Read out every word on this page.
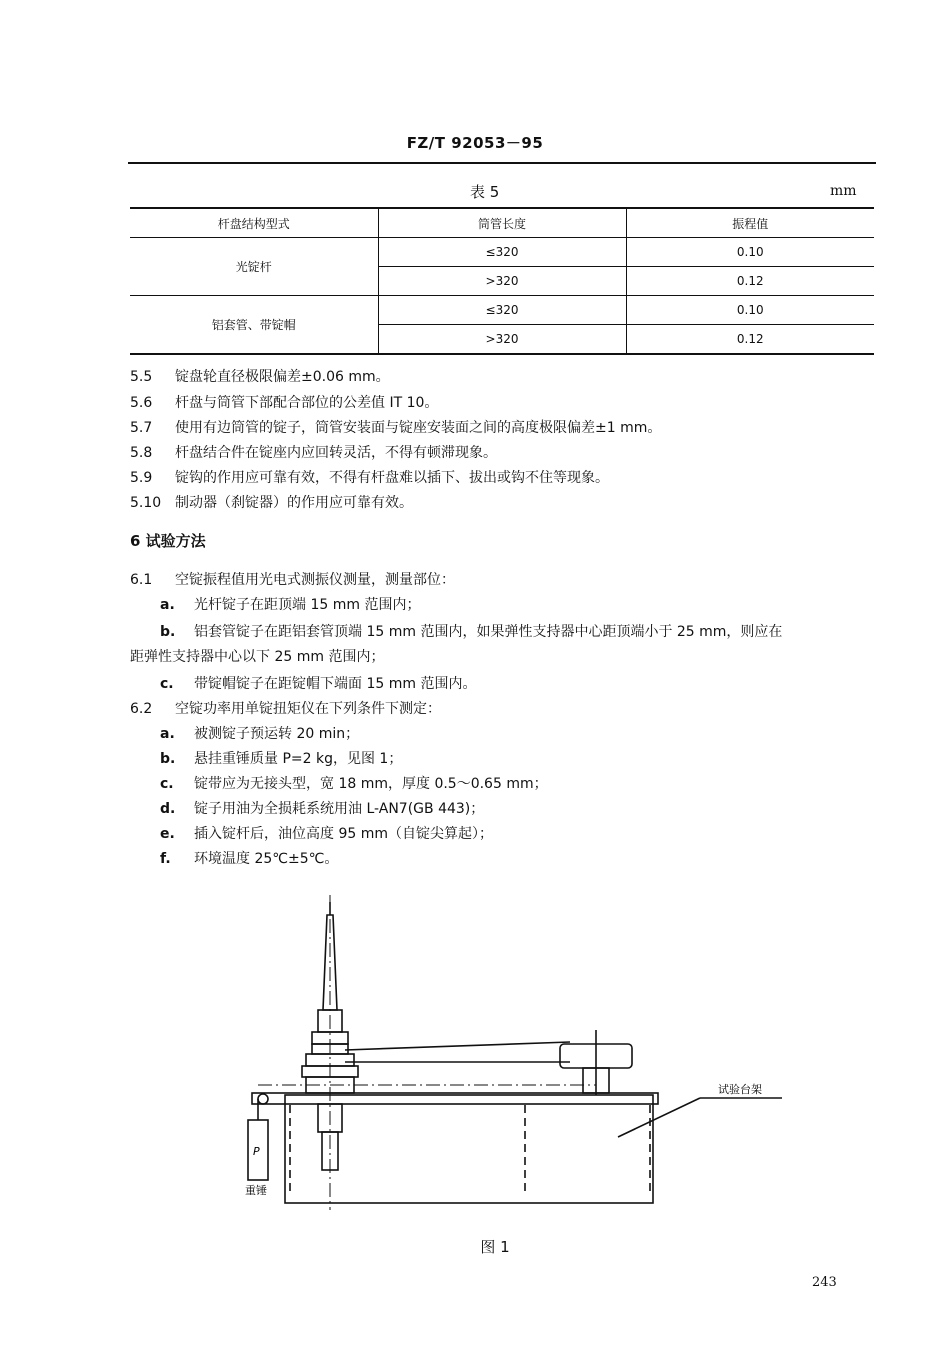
FZ/T 92053－95
表 5	mm
杆盘结构型式	筒管长度	振程值
光锭杆	≤320	0.10
	>320	0.12
铝套管、带锭帽	≤320	0.10
	>320	0.12
5.5 锭盘轮直径极限偏差±0.06 mm。
5.6 杆盘与筒管下部配合部位的公差值 IT 10。
5.7 使用有边筒管的锭子，筒管安装面与锭座安装面之间的高度极限偏差±1 mm。
5.8 杆盘结合件在锭座内应回转灵活，不得有顿滞现象。
5.9 锭钩的作用应可靠有效，不得有杆盘难以插下、拔出或钩不住等现象。
5.10 制动器（刹锭器）的作用应可靠有效。
6 试验方法
6.1 空锭振程值用光电式测振仪测量，测量部位：
a. 光杆锭子在距顶端 15 mm 范围内；
b. 铝套管锭子在距铝套管顶端 15 mm 范围内，如果弹性支持器中心距顶端小于 25 mm，则应在
距弹性支持器中心以下 25 mm 范围内；
c. 带锭帽锭子在距锭帽下端面 15 mm 范围内。
6.2 空锭功率用单锭扭矩仪在下列条件下测定：
a. 被测锭子预运转 20 min；
b. 悬挂重锤质量 P=2 kg，见图 1；
c. 锭带应为无接头型，宽 18 mm，厚度 0.5～0.65 mm；
d. 锭子用油为全损耗系统用油 L-AN7(GB 443)；
e. 插入锭杆后，油位高度 95 mm（自锭尖算起）；
f. 环境温度 25℃±5℃。
试验台架
P
重锤
图 1
243
